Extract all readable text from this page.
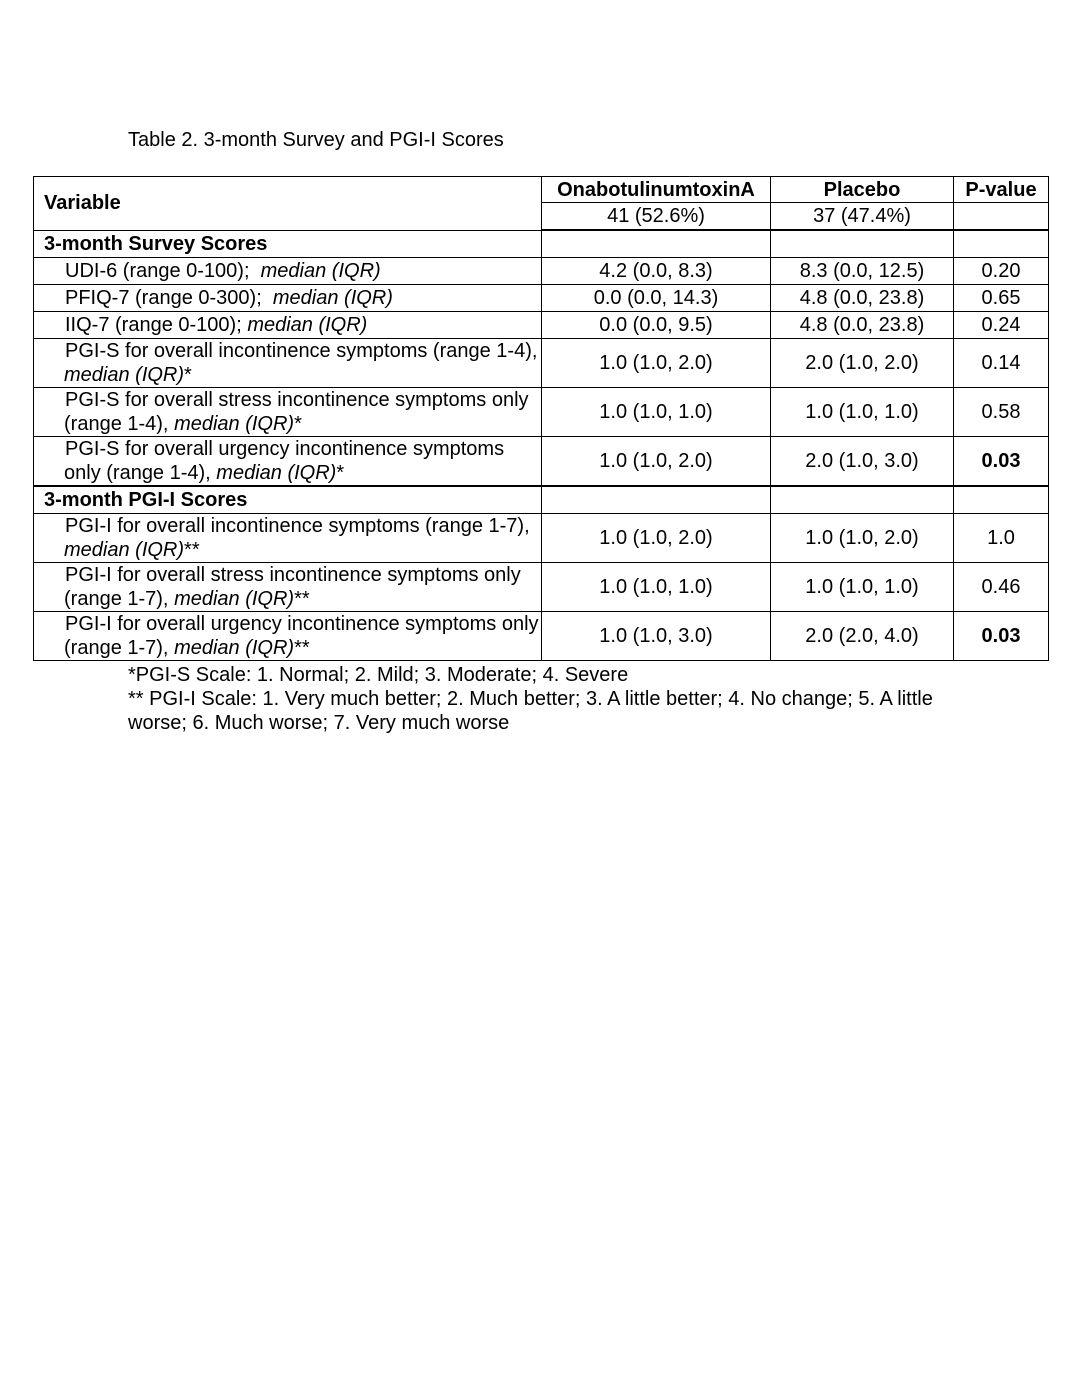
Table 2. 3-month Survey and PGI-I Scores
Variable	OnabotulinumtoxinA	Placebo	P-value
	41 (52.6%)	37 (47.4%)	
3-month Survey Scores			
UDI-6 (range 0-100);  median (IQR)	4.2 (0.0, 8.3)	8.3 (0.0, 12.5)	0.20
PFIQ-7 (range 0-300);  median (IQR)	0.0 (0.0, 14.3)	4.8 (0.0, 23.8)	0.65
IIQ-7 (range 0-100); median (IQR)	0.0 (0.0, 9.5)	4.8 (0.0, 23.8)	0.24

PGI-S for overall incontinence symptoms (range 1-4), median (IQR)*	1.0 (1.0, 2.0)	2.0 (1.0, 2.0)	0.14

PGI-S for overall stress incontinence symptoms only (range 1-4), median (IQR)*	1.0 (1.0, 1.0)	1.0 (1.0, 1.0)	0.58

PGI-S for overall urgency incontinence symptoms only (range 1-4), median (IQR)*	1.0 (1.0, 2.0)	2.0 (1.0, 3.0)	0.03
3-month PGI-I Scores			

PGI-I for overall incontinence symptoms (range 1-7), median (IQR)**	1.0 (1.0, 2.0)	1.0 (1.0, 2.0)	1.0

PGI-I for overall stress incontinence symptoms only (range 1-7), median (IQR)**	1.0 (1.0, 1.0)	1.0 (1.0, 1.0)	0.46

PGI-I for overall urgency incontinence symptoms only (range 1-7), median (IQR)**	1.0 (1.0, 3.0)	2.0 (2.0, 4.0)	0.03

*PGI-S Scale: 1. Normal; 2. Mild; 3. Moderate; 4. Severe

** PGI-I Scale: 1. Very much better; 2. Much better; 3. A little better; 4. No change; 5. A little worse; 6. Much worse; 7. Very much worse
